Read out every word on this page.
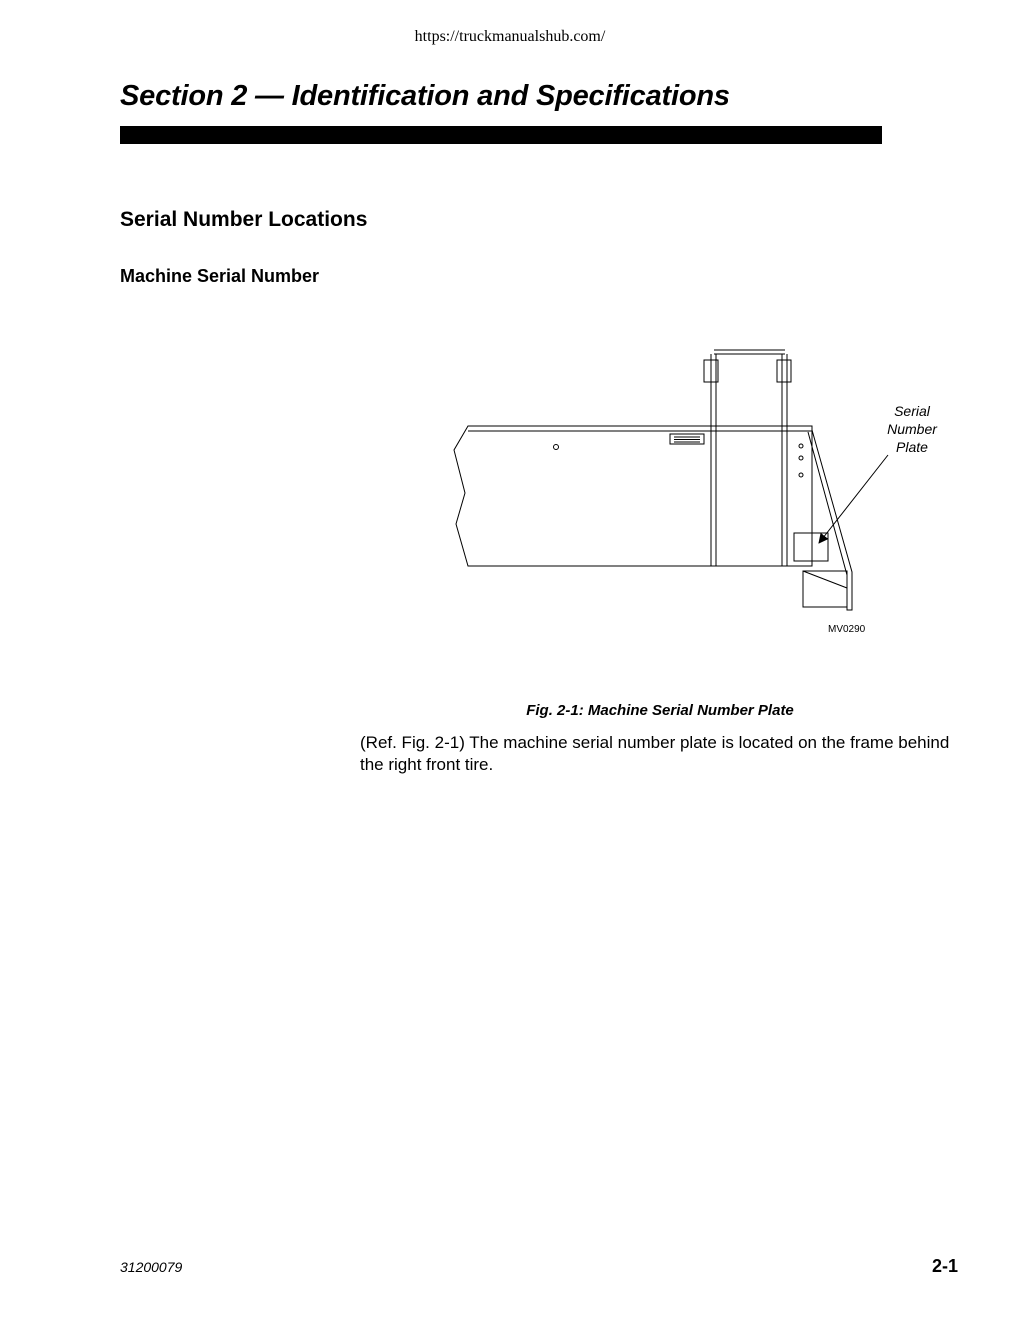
https://truckmanualshub.com/
Section 2 — Identification and Specifications
Serial Number Locations
Machine Serial Number
Serial
Number
Plate
MV0290
Fig. 2-1: Machine Serial Number Plate

(Ref. Fig. 2-1) The machine serial number plate is located on the frame behind the right front tire.

31200079	2-1
